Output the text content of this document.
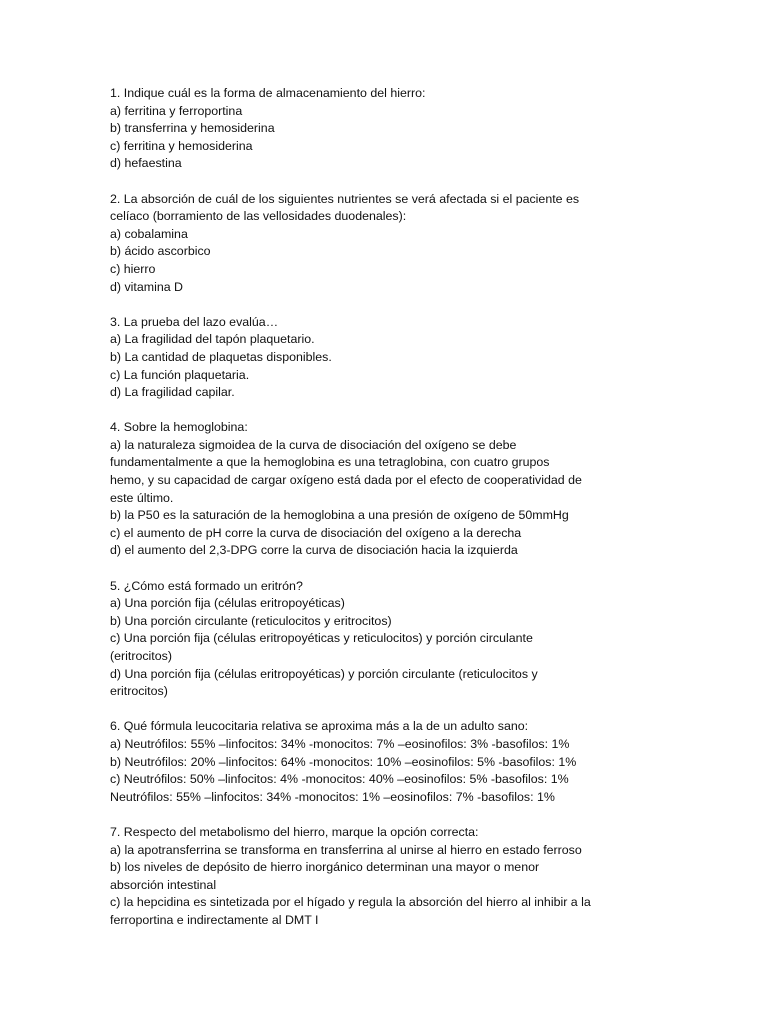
1. Indique cuál es la forma de almacenamiento del hierro:
a) ferritina y ferroportina
b) transferrina y hemosiderina
c) ferritina y hemosiderina
d) hefaestina
2. La absorción de cuál de los siguientes nutrientes se verá afectada si el paciente es
celíaco (borramiento de las vellosidades duodenales):
a) cobalamina
b) ácido ascorbico
c) hierro
d) vitamina D
3. La prueba del lazo evalúa…
a) La fragilidad del tapón plaquetario.
b) La cantidad de plaquetas disponibles.
c) La función plaquetaria.
d) La fragilidad capilar.
4. Sobre la hemoglobina:
a) la naturaleza sigmoidea de la curva de disociación del oxígeno se debe
fundamentalmente a que la hemoglobina es una tetraglobina, con cuatro grupos
hemo, y su capacidad de cargar oxígeno está dada por el efecto de cooperatividad de
este último.
b) la P50 es la saturación de la hemoglobina a una presión de oxígeno de 50mmHg
c) el aumento de pH corre la curva de disociación del oxígeno a la derecha
d) el aumento del 2,3-DPG corre la curva de disociación hacia la izquierda
5. ¿Cómo está formado un eritrón?
a) Una porción fija (células eritropoyéticas)
b) Una porción circulante (reticulocitos y eritrocitos)
c) Una porción fija (células eritropoyéticas y reticulocitos) y porción circulante
(eritrocitos)
d) Una porción fija (células eritropoyéticas) y porción circulante (reticulocitos y
eritrocitos)
6. Qué fórmula leucocitaria relativa se aproxima más a la de un adulto sano:
a) Neutrófilos: 55% –linfocitos: 34% -monocitos: 7% –eosinofilos: 3% -basofilos: 1%
b) Neutrófilos: 20% –linfocitos: 64% -monocitos: 10% –eosinofilos: 5% -basofilos: 1%
c) Neutrófilos: 50% –linfocitos: 4% -monocitos: 40% –eosinofilos: 5% -basofilos: 1%
Neutrófilos: 55% –linfocitos: 34% -monocitos: 1% –eosinofilos: 7% -basofilos: 1%
7. Respecto del metabolismo del hierro, marque la opción correcta:
a) la apotransferrina se transforma en transferrina al unirse al hierro en estado ferroso
b) los niveles de depósito de hierro inorgánico determinan una mayor o menor
absorción intestinal
c) la hepcidina es sintetizada por el hígado y regula la absorción del hierro al inhibir a la
ferroportina e indirectamente al DMT I
